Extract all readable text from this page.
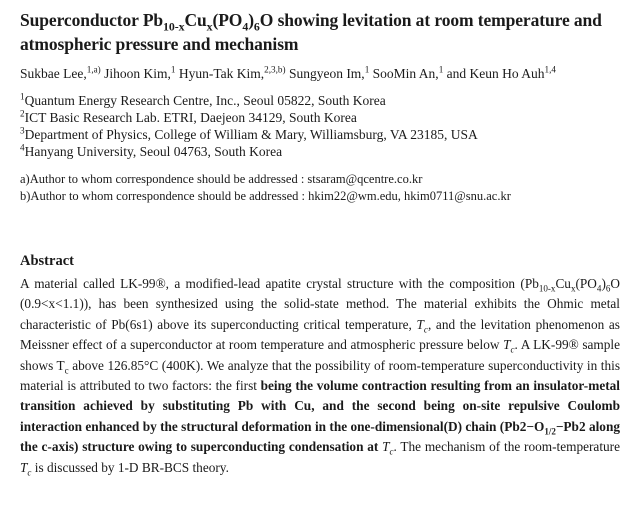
Superconductor $Pb_{10-x}Cu_x(PO_4)_6O$ showing levitation at room temperature and atmospheric pressure and mechanism
Sukbae Lee,$^{1,a)}$ Jihoon Kim,$^1$ Hyun-Tak Kim,$^{2,3,b)}$ Sungyeon Im,$^1$ SooMin An,$^1$ and Keun Ho Auh$^{1,4}$
$^1$Quantum Energy Research Centre, Inc., Seoul 05822, South Korea
$^2$ICT Basic Research Lab. ETRI, Daejeon 34129, South Korea
$^3$Department of Physics, College of William & Mary, Williamsburg, VA 23185, USA
$^4$Hanyang University, Seoul 04763, South Korea
a)Author to whom correspondence should be addressed : stsaram@qcentre.co.kr
b)Author to whom correspondence should be addressed : hkim22@wm.edu, hkim0711@snu.ac.kr
Abstract
A material called LK-99®, a modified-lead apatite crystal structure with the composition ($Pb_{10-x}Cu_x(PO_4)_6O$ (0.9<x<1.1)), has been synthesized using the solid-state method. The material exhibits the Ohmic metal characteristic of Pb(6s1) above its superconducting critical temperature, $T_c$, and the levitation phenomenon as Meissner effect of a superconductor at room temperature and atmospheric pressure below $T_c$. A LK-99® sample shows $T_c$ above 126.85°C (400K). We analyze that the possibility of room-temperature superconductivity in this material is attributed to two factors: the first being the volume contraction resulting from an insulator-metal transition achieved by substituting Pb with Cu, and the second being on-site repulsive Coulomb interaction enhanced by the structural deformation in the one-dimensional(D) chain ($Pb2-O_{1/2}-Pb2$ along the c-axis) structure owing to superconducting condensation at $T_c$. The mechanism of the room-temperature $T_c$ is discussed by 1-D BR-BCS theory.
